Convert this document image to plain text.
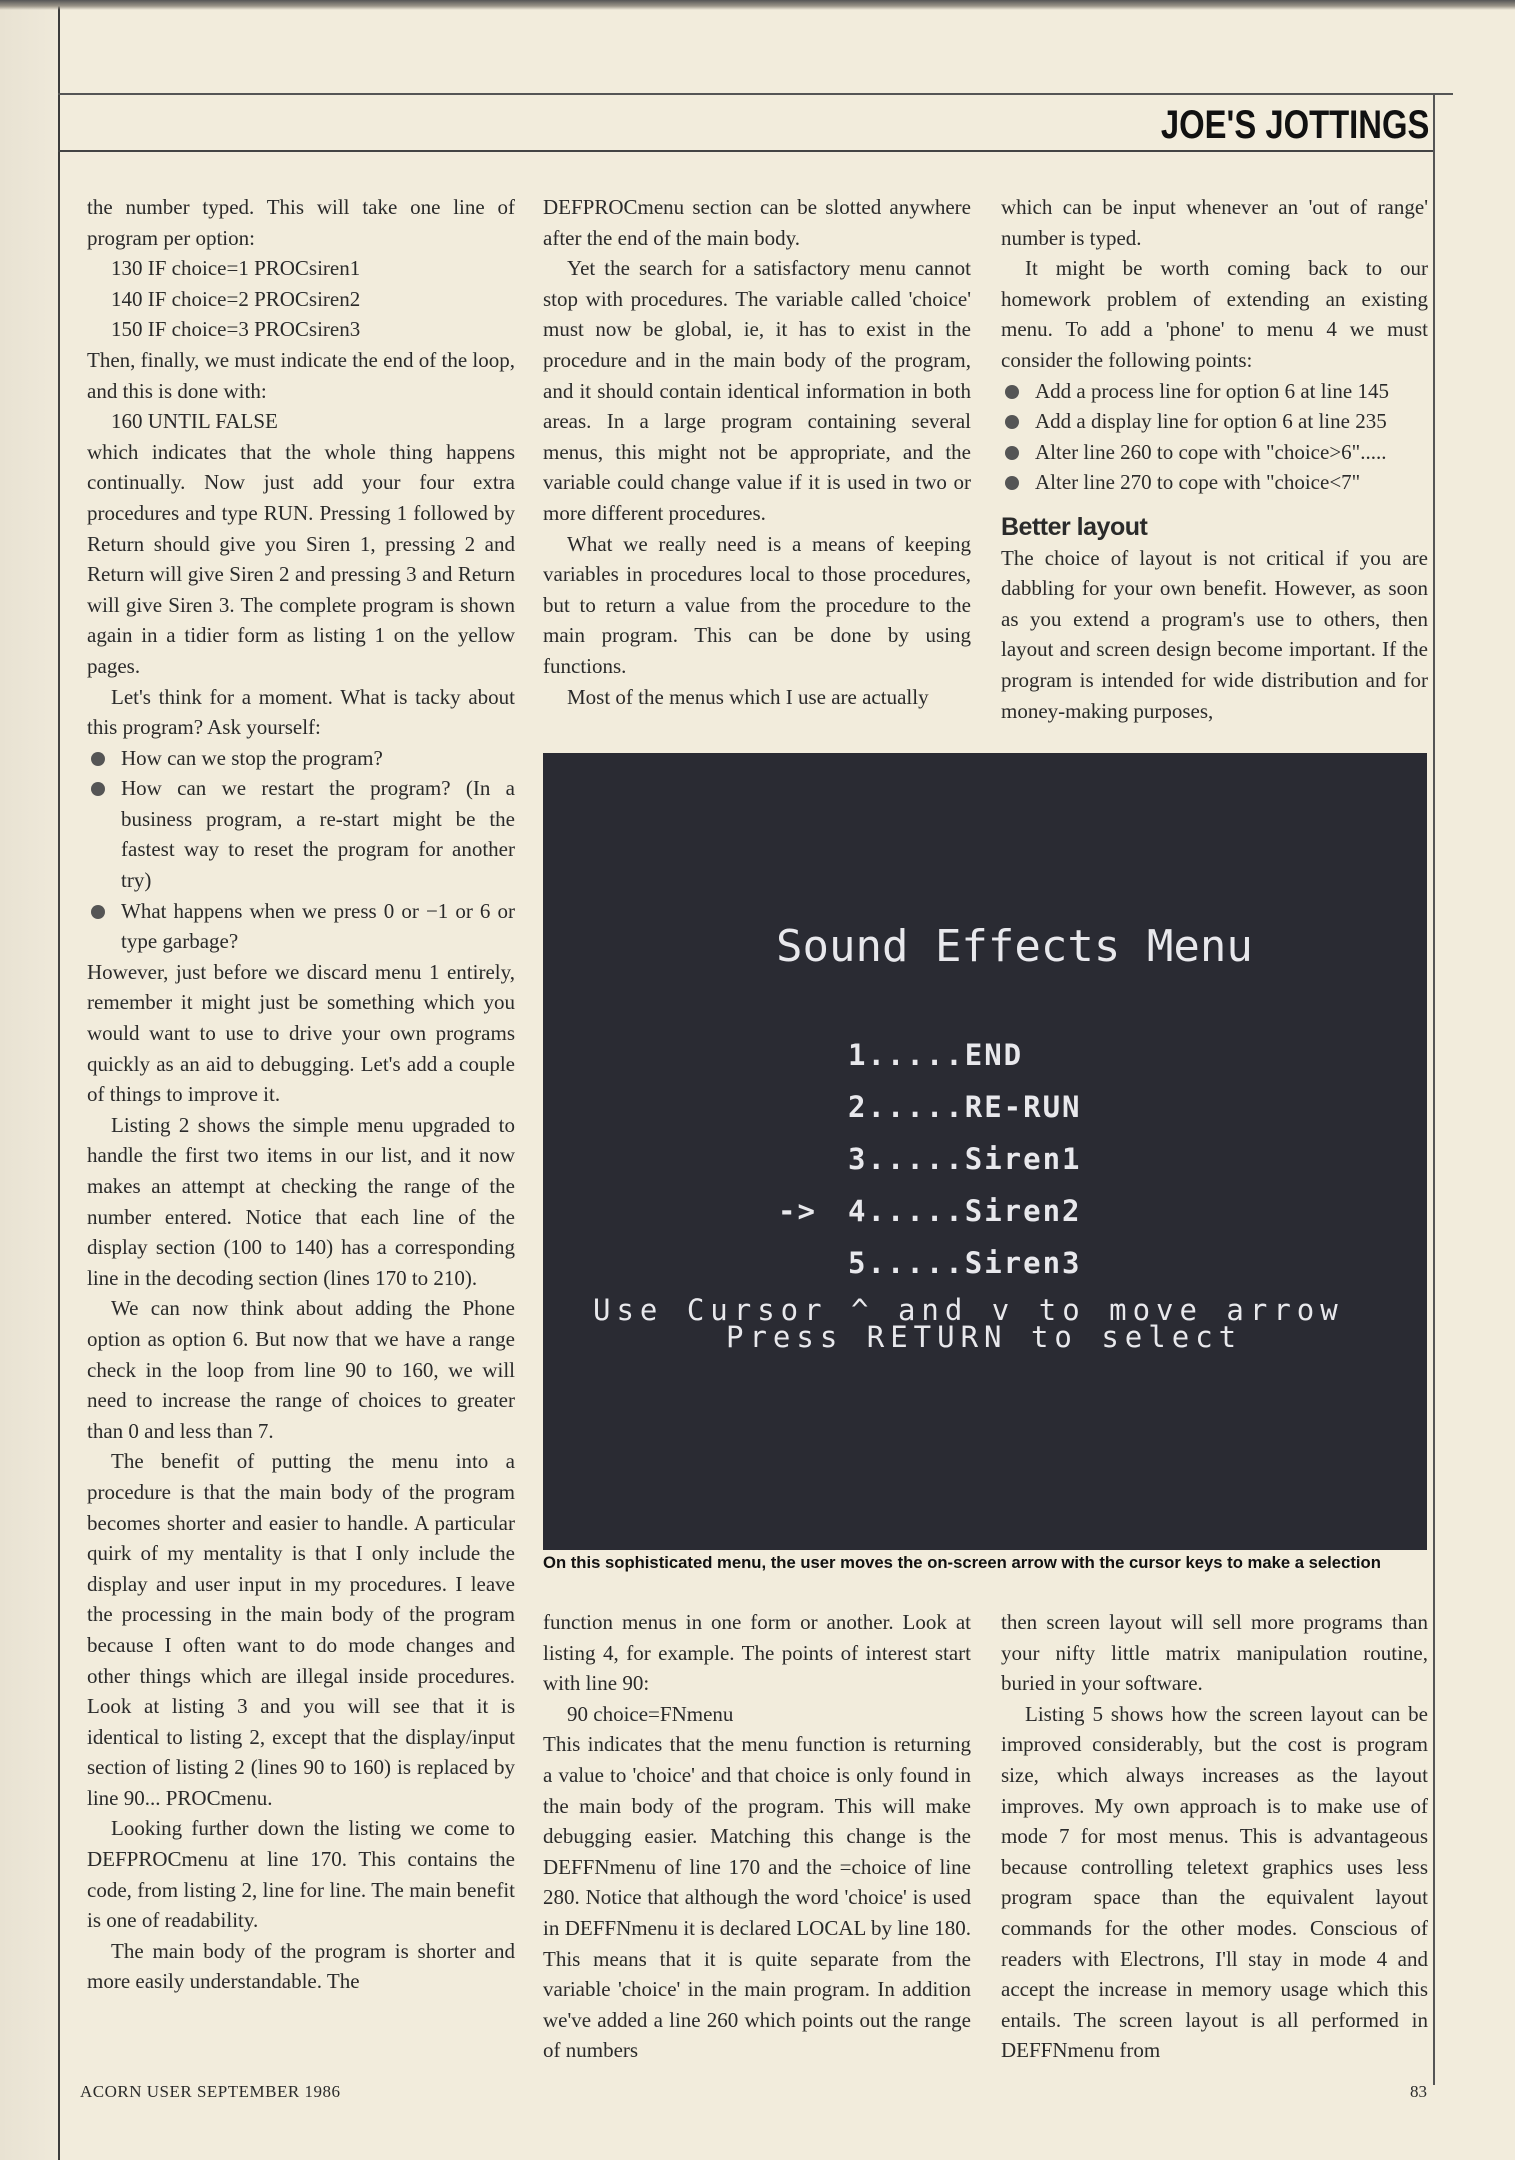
JOE'S JOTTINGS

the number typed. This will take one line of program per option:

130 IF choice=1 PROCsiren1

140 IF choice=2 PROCsiren2

150 IF choice=3 PROCsiren3

Then, finally, we must indicate the end of the loop, and this is done with:

160 UNTIL FALSE

which indicates that the whole thing happens continually. Now just add your four extra procedures and type RUN. Pressing 1 followed by Return should give you Siren 1, pressing 2 and Return will give Siren 2 and pressing 3 and Return will give Siren 3. The complete program is shown again in a tidier form as listing 1 on the yellow pages.

Let's think for a moment. What is tacky about this program? Ask yourself:

How can we stop the program?

How can we restart the program? (In a business program, a re-start might be the fastest way to reset the program for another try)

What happens when we press 0 or −1 or 6 or type garbage?

However, just before we discard menu 1 entirely, remember it might just be something which you would want to use to drive your own programs quickly as an aid to debugging. Let's add a couple of things to improve it.

Listing 2 shows the simple menu upgraded to handle the first two items in our list, and it now makes an attempt at checking the range of the number entered. Notice that each line of the display section (100 to 140) has a corresponding line in the decoding section (lines 170 to 210).

We can now think about adding the Phone option as option 6. But now that we have a range check in the loop from line 90 to 160, we will need to increase the range of choices to greater than 0 and less than 7.

The benefit of putting the menu into a procedure is that the main body of the program becomes shorter and easier to handle. A particular quirk of my mentality is that I only include the display and user input in my procedures. I leave the processing in the main body of the program because I often want to do mode changes and other things which are illegal inside procedures. Look at listing 3 and you will see that it is identical to listing 2, except that the display/input section of listing 2 (lines 90 to 160) is replaced by line 90... PROCmenu.

Looking further down the listing we come to DEFPROCmenu at line 170. This contains the code, from listing 2, line for line. The main benefit is one of readability.

The main body of the program is shorter and more easily understandable. The

DEFPROCmenu section can be slotted anywhere after the end of the main body.

Yet the search for a satisfactory menu cannot stop with procedures. The variable called 'choice' must now be global, ie, it has to exist in the procedure and in the main body of the program, and it should contain identical information in both areas. In a large program containing several menus, this might not be appropriate, and the variable could change value if it is used in two or more different procedures.

What we really need is a means of keeping variables in procedures local to those procedures, but to return a value from the procedure to the main program. This can be done by using functions.

Most of the menus which I use are actually

which can be input whenever an 'out of range' number is typed.

It might be worth coming back to our homework problem of extending an existing menu. To add a 'phone' to menu 4 we must consider the following points:

Add a process line for option 6 at line 145

Add a display line for option 6 at line 235

Alter line 260 to cope with "choice>6".....

Alter line 270 to cope with "choice<7"

Better layout

The choice of layout is not critical if you are dabbling for your own benefit. However, as soon as you extend a program's use to others, then layout and screen design become important. If the program is intended for wide distribution and for money-making purposes,

Sound Effects Menu
1.....END
2.....RE-RUN
3.....Siren1
-> 4.....Siren2
5.....Siren3
Use Cursor ^ and v to move arrow
Press RETURN to select
On this sophisticated menu, the user moves the on-screen arrow with the cursor keys to make a selection

function menus in one form or another. Look at listing 4, for example. The points of interest start with line 90:

90 choice=FNmenu

This indicates that the menu function is returning a value to 'choice' and that choice is only found in the main body of the program. This will make debugging easier. Matching this change is the DEFFNmenu of line 170 and the =choice of line 280. Notice that although the word 'choice' is used in DEFFNmenu it is declared LOCAL by line 180. This means that it is quite separate from the variable 'choice' in the main program. In addition we've added a line 260 which points out the range of numbers

then screen layout will sell more programs than your nifty little matrix manipulation routine, buried in your software.

Listing 5 shows how the screen layout can be improved considerably, but the cost is program size, which always increases as the layout improves. My own approach is to make use of mode 7 for most menus. This is advantageous because controlling teletext graphics uses less program space than the equivalent layout commands for the other modes. Conscious of readers with Electrons, I'll stay in mode 4 and accept the increase in memory usage which this entails. The screen layout is all performed in DEFFNmenu from

ACORN USER SEPTEMBER 1986	83
